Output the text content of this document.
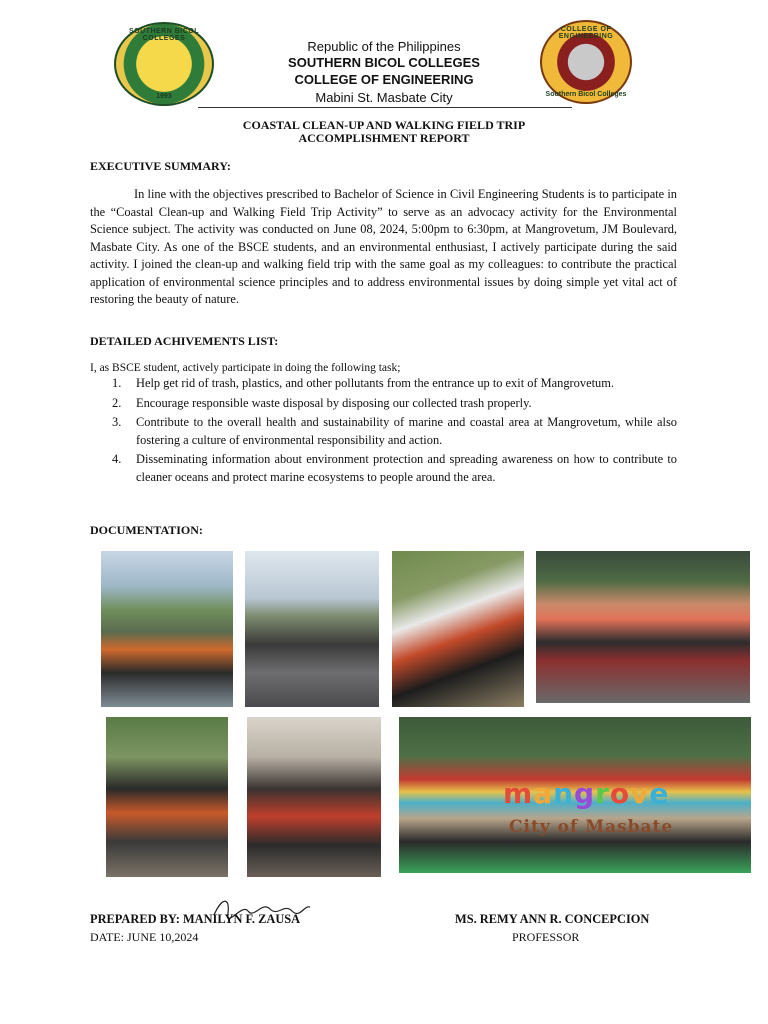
SOUTHERN BICOL COLLEGES
1993
COLLEGE OF ENGINEERING
Southern Bicol Colleges
Republic of the Philippines
SOUTHERN BICOL COLLEGES
COLLEGE OF ENGINEERING
Mabini St. Masbate City
COASTAL CLEAN-UP AND WALKING FIELD TRIP
ACCOMPLISHMENT REPORT
EXECUTIVE SUMMARY:
In line with the objectives prescribed to Bachelor of Science in Civil Engineering Students is to participate in the “Coastal Clean-up and Walking Field Trip Activity” to serve as an advocacy activity for the Environmental Science subject. The activity was conducted on June 08, 2024, 5:00pm to 6:30pm, at Mangrovetum, JM Boulevard, Masbate City. As one of the BSCE students, and an environmental enthusiast, I actively participate during the said activity. I joined the clean-up and walking field trip with the same goal as my colleagues: to contribute the practical application of environmental science principles and to address environmental issues by doing simple yet vital act of restoring the beauty of nature.
DETAILED ACHIVEMENTS LIST:
I, as BSCE student, actively participate in doing the following task;
1. Help get rid of trash, plastics, and other pollutants from the entrance up to exit of Mangrovetum.
2. Encourage responsible waste disposal by disposing our collected trash properly.
3. Contribute to the overall health and sustainability of marine and coastal area at Mangrovetum, while also fostering a culture of environmental responsibility and action.
4. Disseminating information about environment protection and spreading awareness on how to contribute to cleaner oceans and protect marine ecosystems to people around the area.
DOCUMENTATION:
mangrove
City of Masbate
PREPARED BY: MANILYN F. ZAUSA
DATE: JUNE 10,2024
MS. REMY ANN R. CONCEPCION
PROFESSOR
